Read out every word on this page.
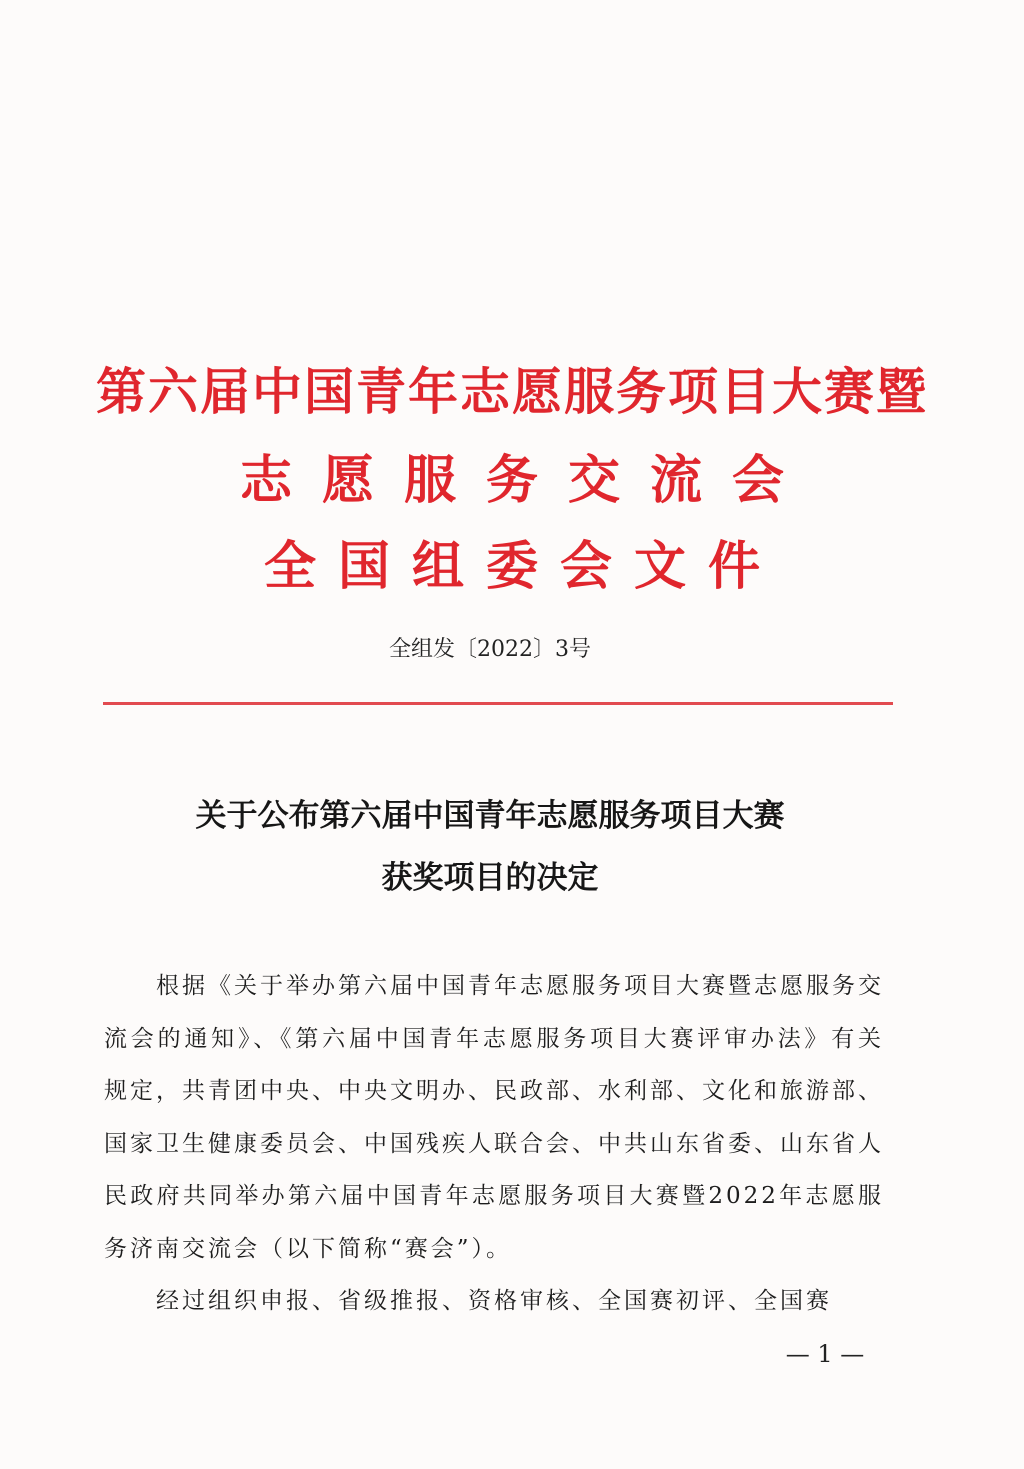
第六届中国青年志愿服务项目大赛暨
志愿服务交流会
全国组委会文件
全组发〔2022〕3号
关于公布第六届中国青年志愿服务项目大赛
获奖项目的决定

根据《关于举办第六届中国青年志愿服务项目大赛暨志愿服务交流会的通知》、《第六届中国青年志愿服务项目大赛评审办法》有关规定，共青团中央、中央文明办、民政部、水利部、文化和旅游部、国家卫生健康委员会、中国残疾人联合会、中共山东省委、山东省人民政府共同举办第六届中国青年志愿服务项目大赛暨2022年志愿服务济南交流会（以下简称“赛会”）。

经过组织申报、省级推报、资格审核、全国赛初评、全国赛

— 1 —
